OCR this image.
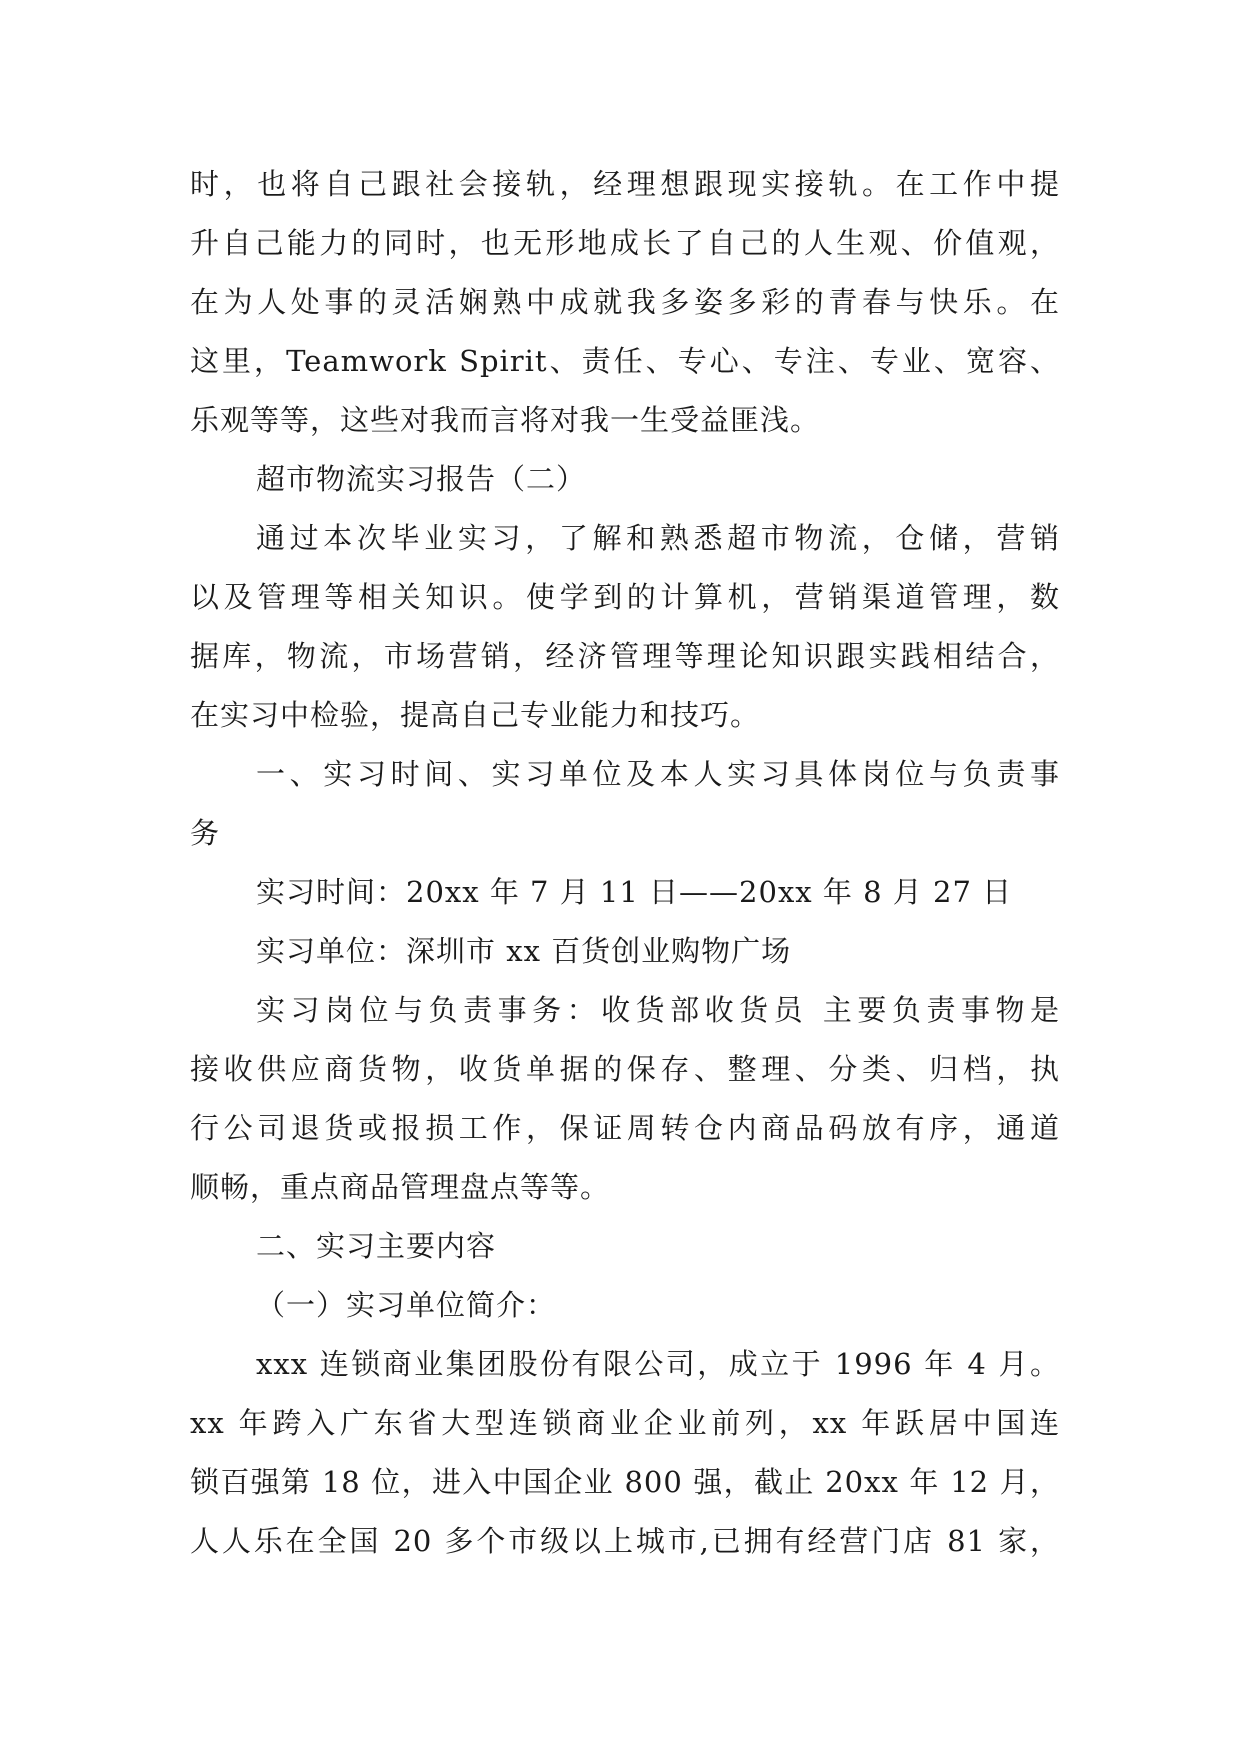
时，也将自己跟社会接轨，经理想跟现实接轨。在工作中提
升自己能力的同时，也无形地成长了自己的人生观、价值观，
在为人处事的灵活娴熟中成就我多姿多彩的青春与快乐。在
这里，Teamwork Spirit、责任、专心、专注、专业、宽容、
乐观等等，这些对我而言将对我一生受益匪浅。
超市物流实习报告（二）
通过本次毕业实习，了解和熟悉超市物流，仓储，营销
以及管理等相关知识。使学到的计算机，营销渠道管理，数
据库，物流，市场营销，经济管理等理论知识跟实践相结合，
在实习中检验，提高自己专业能力和技巧。
一、实习时间、实习单位及本人实习具体岗位与负责事
务
实习时间：20xx 年 7 月 11 日——20xx 年 8 月 27 日
实习单位：深圳市 xx 百货创业购物广场
实习岗位与负责事务：收货部收货员 主要负责事物是
接收供应商货物，收货单据的保存、整理、分类、归档，执
行公司退货或报损工作，保证周转仓内商品码放有序，通道
顺畅，重点商品管理盘点等等。
二、实习主要内容
（一）实习单位简介：
xxx 连锁商业集团股份有限公司，成立于 1996 年 4 月。
xx 年跨入广东省大型连锁商业企业前列，xx 年跃居中国连
锁百强第 18 位，进入中国企业 800 强，截止 20xx 年 12 月，
人人乐在全国 20 多个市级以上城市,已拥有经营门店 81 家，
